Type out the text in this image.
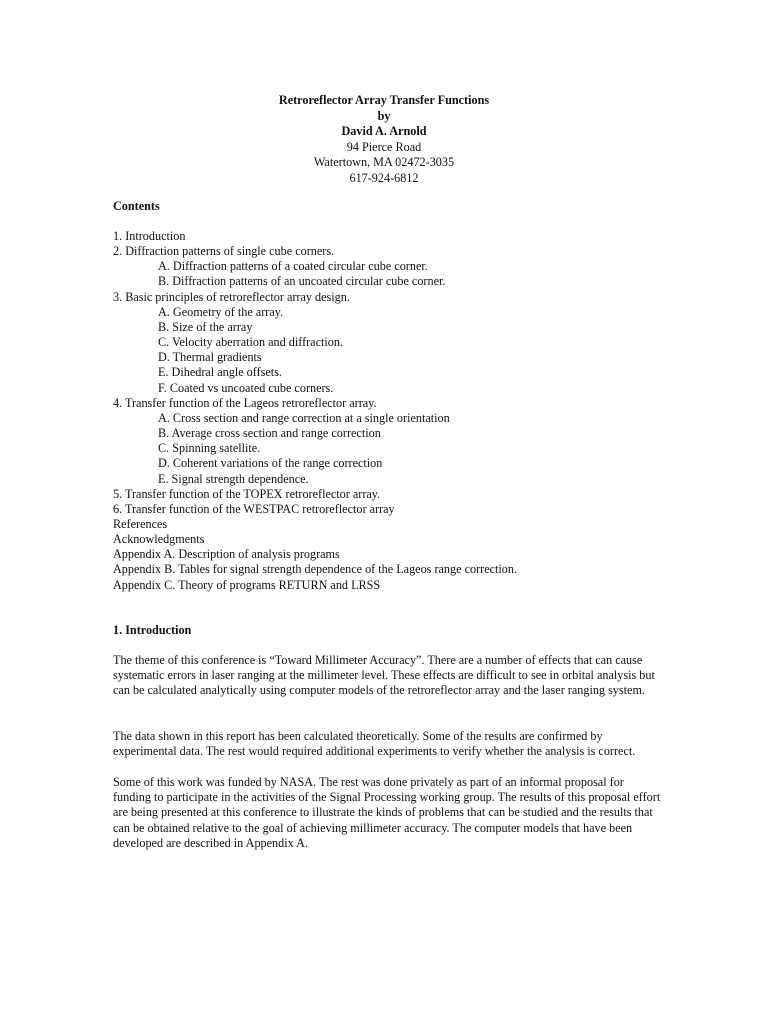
Retroreflector Array Transfer Functions
by
David A. Arnold
94 Pierce Road
Watertown, MA 02472-3035
617-924-6812
Contents
1. Introduction
2. Diffraction patterns of single cube corners.
A. Diffraction patterns of a coated circular cube corner.
B. Diffraction patterns of an uncoated circular cube corner.
3. Basic principles of retroreflector array design.
A. Geometry of the array.
B. Size of the array
C. Velocity aberration and diffraction.
D. Thermal gradients
E. Dihedral angle offsets.
F. Coated vs uncoated cube corners.
4. Transfer function of the Lageos retroreflector array.
A. Cross section and range correction at a single orientation
B. Average cross section and range correction
C. Spinning satellite.
D. Coherent variations of the range correction
E. Signal strength dependence.
5. Transfer function of the TOPEX retroreflector array.
6. Transfer function of the WESTPAC retroreflector array
References
Acknowledgments
Appendix A. Description of analysis programs
Appendix B. Tables for signal strength dependence of the Lageos range correction.
Appendix C. Theory of programs RETURN and LRSS
1. Introduction

The theme of this conference is “Toward Millimeter Accuracy”. There are a number of effects that can cause systematic errors in laser ranging at the millimeter level. These effects are difficult to see in orbital analysis but can be calculated analytically using computer models of the retroreflector array and the laser ranging system.

The data shown in this report has been calculated theoretically. Some of the results are confirmed by experimental data. The rest would required additional experiments to verify whether the analysis is correct.

Some of this work was funded by NASA. The rest was done privately as part of an informal proposal for funding to participate in the activities of the Signal Processing working group. The results of this proposal effort are being presented at this conference to illustrate the kinds of problems that can be studied and the results that can be obtained relative to the goal of achieving millimeter accuracy. The computer models that have been developed are described in Appendix A.
